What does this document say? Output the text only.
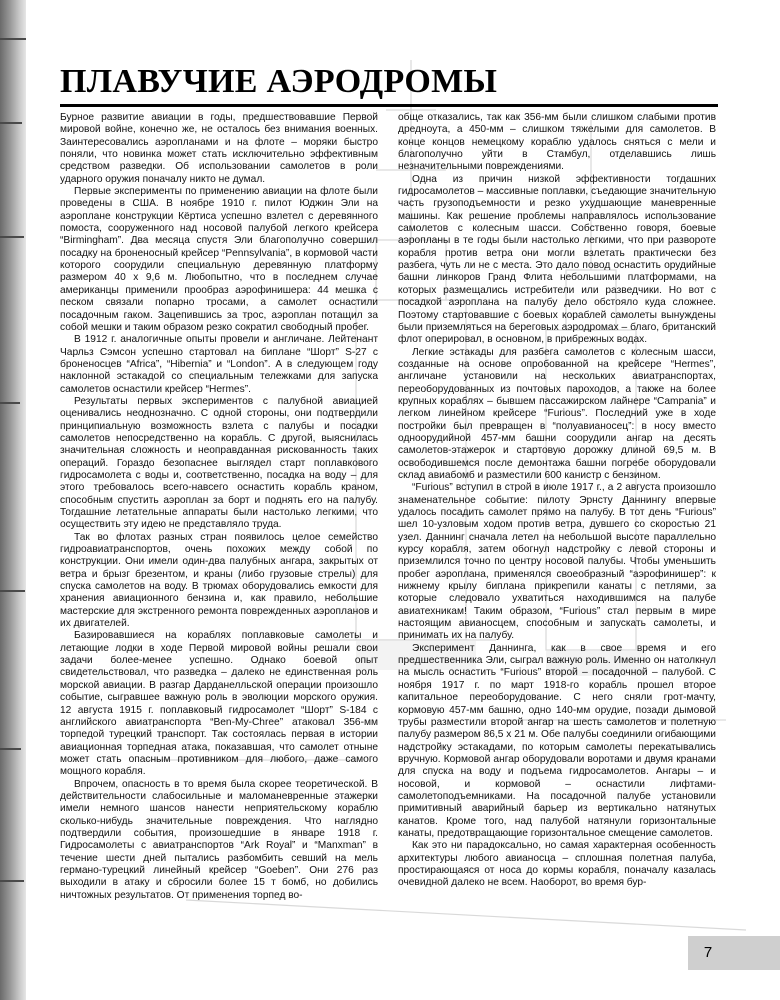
ПЛАВУЧИЕ АЭРОДРОМЫ

Бурное развитие авиации в годы, предшествовавшие Первой мировой войне, конечно же, не осталось без внимания военных. Заинтересовались аэропланами и на флоте – моряки быстро поняли, что новинка может стать исключительно эффективным средством разведки. Об использовании самолетов в роли ударного оружия поначалу никто не думал.

Первые эксперименты по применению авиации на флоте были проведены в США. В ноябре 1910 г. пилот Юджин Эли на аэроплане конструкции Кёртиса успешно взлетел с деревянного помоста, сооруженного над носовой палубой легкого крейсера “Birmingham”. Два месяца спустя Эли благополучно совершил посадку на броненосный крейсер “Pennsylvania”, в кормовой части которого соорудили специальную деревянную платформу размером 40 х 9,6 м. Любопытно, что в последнем случае американцы применили прообраз аэрофинишера: 44 мешка с песком связали попарно тросами, а самолет оснастили посадочным гаком. Зацепившись за трос, аэроплан потащил за собой мешки и таким образом резко сократил свободный пробег.

В 1912 г. аналогичные опыты провели и англичане. Лейтенант Чарльз Сэмсон успешно стартовал на биплане “Шорт” S-27 с броненосцев “Africa”, “Hibernia” и “London”. А в следующем году наклонной эстакадой со специальным тележками для запуска самолетов оснастили крейсер “Hermes”.

Результаты первых экспериментов с палубной авиацией оценивались неоднозначно. С одной стороны, они подтвердили принципиальную возможность взлета с палубы и посадки самолетов непосредственно на корабль. С другой, выяснилась значительная сложность и неоправданная рискованность таких операций. Гораздо безопаснее выглядел старт поплавкового гидросамолета с воды и, соответственно, посадка на воду – для этого требовалось всего-навсего оснастить корабль краном, способным спустить аэроплан за борт и поднять его на палубу. Тогдашние летательные аппараты были настолько легкими, что осуществить эту идею не представляло труда.

Так во флотах разных стран появилось целое семейство гидроавиатранспортов, очень похожих между собой по конструкции. Они имели один-два палубных ангара, закрытых от ветра и брызг брезентом, и краны (либо грузовые стрелы) для спуска самолетов на воду. В трюмах оборудовались емкости для хранения авиационного бензина и, как правило, небольшие мастерские для экстренного ремонта поврежденных аэропланов и их двигателей.

Базировавшиеся на кораблях поплавковые самолеты и летающие лодки в ходе Первой мировой войны решали свои задачи более-менее успешно. Однако боевой опыт свидетельствовал, что разведка – далеко не единственная роль морской авиации. В разгар Дарданелльской операции произошло событие, сыгравшее важную роль в эволюции морского оружия. 12 августа 1915 г. поплавковый гидросамолет “Шорт” S-184 с английского авиатранспорта “Ben-My-Chree” атаковал 356-мм торпедой турецкий транспорт. Так состоялась первая в истории авиационная торпедная атака, показавшая, что самолет отныне может стать опасным противником для любого, даже самого мощного корабля.

Впрочем, опасность в то время была скорее теоретической. В действительности слабосильные и маломаневренные этажерки имели немного шансов нанести неприятельскому кораблю сколько-нибудь значительные повреждения. Что наглядно подтвердили события, произошедшие в январе 1918 г. Гидросамолеты с авиатранспортов “Ark Royal” и “Manxman” в течение шести дней пытались разбомбить севший на мель германо-турецкий линейный крейсер “Goeben”. Они 276 раз выходили в атаку и сбросили более 15 т бомб, но добились ничтожных результатов. От применения торпед во-

обще отказались, так как 356-мм были слишком слабыми против дредноута, а 450-мм – слишком тяжелыми для самолетов. В конце концов немецкому кораблю удалось сняться с мели и благополучно уйти в Стамбул, отделавшись лишь незначительными повреждениями.

Одна из причин низкой эффективности тогдашних гидросамолетов – массивные поплавки, съедающие значительную часть грузоподъемности и резко ухудшающие маневренные машины. Как решение проблемы направлялось использование самолетов с колесным шасси. Собственно говоря, боевые аэропланы в те годы были настолько легкими, что при развороте корабля против ветра они могли взлетать практически без разбега, чуть ли не с места. Это дало повод оснастить орудийные башни линкоров Гранд Флита небольшими платформами, на которых размещались истребители или разведчики. Но вот с посадкой аэроплана на палубу дело обстояло куда сложнее. Поэтому стартовавшие с боевых кораблей самолеты вынуждены были приземляться на береговых аэродромах – благо, британский флот оперировал, в основном, в прибрежных водах.

Легкие эстакады для разбега самолетов с колесным шасси, созданные на основе опробованной на крейсере “Hermes”, англичане установили на нескольких авиатранспортах, переоборудованных из почтовых пароходов, а также на более крупных кораблях – бывшем пассажирском лайнере “Campania” и легком линейном крейсере “Furious”. Последний уже в ходе постройки был превращен в “полуавианосец”: в носу вместо одноорудийной 457-мм башни соорудили ангар на десять самолетов-этажерок и стартовую дорожку длиной 69,5 м. В освободившемся после демонтажа башни погребе оборудовали склад авиабомб и разместили 600 канистр с бензином.

“Furious” вступил в строй в июле 1917 г., а 2 августа произошло знаменательное событие: пилоту Эрнсту Даннингу впервые удалось посадить самолет прямо на палубу. В тот день “Furious” шел 10-узловым ходом против ветра, дувшего со скоростью 21 узел. Даннинг сначала летел на небольшой высоте параллельно курсу корабля, затем обогнул надстройку с левой стороны и приземлился точно по центру носовой палубы. Чтобы уменьшить пробег аэроплана, применялся своеобразный “аэрофинишер”: к нижнему крылу биплана прикрепили канаты с петлями, за которые следовало ухватиться находившимся на палубе авиатехникам! Таким образом, “Furious” стал первым в мире настоящим авианосцем, способным и запускать самолеты, и принимать их на палубу.

Эксперимент Даннинга, как в свое время и его предшественника Эли, сыграл важную роль. Именно он натолкнул на мысль оснастить “Furious” второй – посадочной – палубой. С ноября 1917 г. по март 1918-го корабль прошел второе капитальное переоборудование. С него сняли грот-мачту, кормовую 457-мм башню, одно 140-мм орудие, позади дымовой трубы разместили второй ангар на шесть самолетов и полетную палубу размером 86,5 х 21 м. Обе палубы соединили огибающими надстройку эстакадами, по которым самолеты перекатывались вручную. Кормовой ангар оборудовали воротами и двумя кранами для спуска на воду и подъема гидросамолетов. Ангары – и носовой, и кормовой – оснастили лифтами-самолетоподъемниками. На посадочной палубе установили примитивный аварийный барьер из вертикально натянутых канатов. Кроме того, над палубой натянули горизонтальные канаты, предотвращающие горизонтальное смещение самолетов.

Как это ни парадоксально, но самая характерная особенность архитектуры любого авианосца – сплошная полетная палуба, простирающаяся от носа до кормы корабля, поначалу казалась очевидной далеко не всем. Наоборот, во время бур-

7
